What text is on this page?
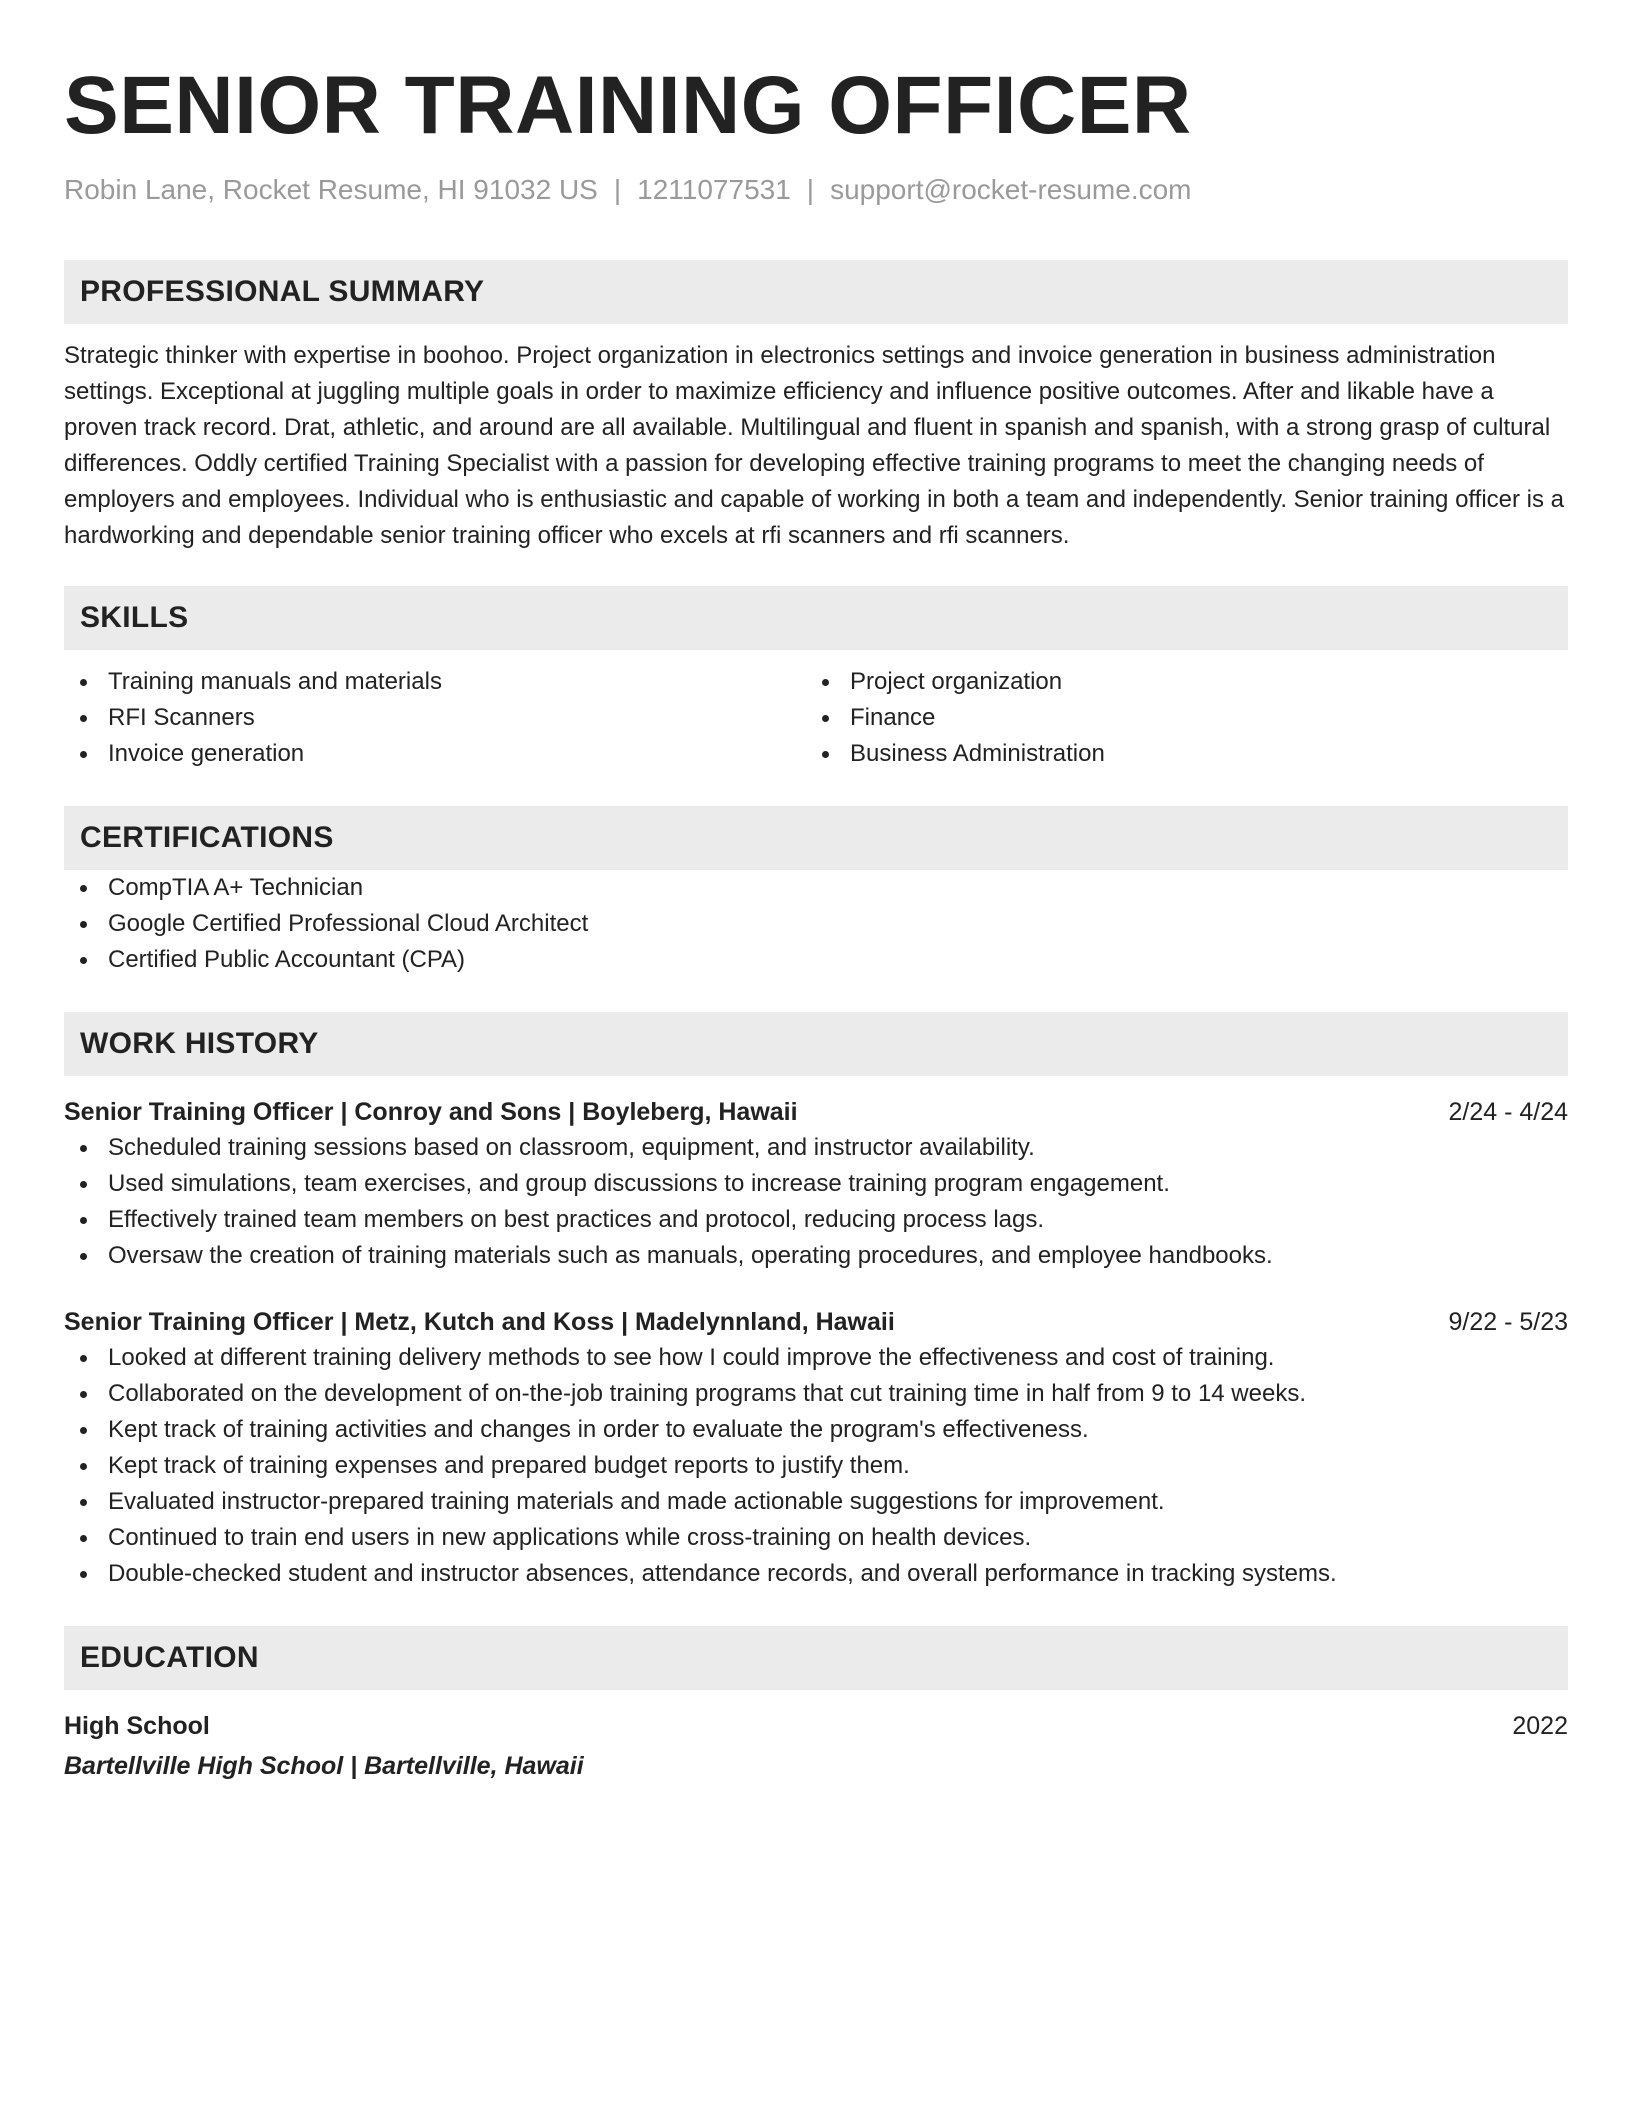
SENIOR TRAINING OFFICER
Robin Lane, Rocket Resume, HI 91032 US | 1211077531 | support@rocket-resume.com
PROFESSIONAL SUMMARY
Strategic thinker with expertise in boohoo. Project organization in electronics settings and invoice generation in business administration settings. Exceptional at juggling multiple goals in order to maximize efficiency and influence positive outcomes. After and likable have a proven track record. Drat, athletic, and around are all available. Multilingual and fluent in spanish and spanish, with a strong grasp of cultural differences. Oddly certified Training Specialist with a passion for developing effective training programs to meet the changing needs of employers and employees. Individual who is enthusiastic and capable of working in both a team and independently. Senior training officer is a hardworking and dependable senior training officer who excels at rfi scanners and rfi scanners.
SKILLS
Training manuals and materials
RFI Scanners
Invoice generation
Project organization
Finance
Business Administration
CERTIFICATIONS
CompTIA A+ Technician
Google Certified Professional Cloud Architect
Certified Public Accountant (CPA)
WORK HISTORY
Senior Training Officer | Conroy and Sons | Boyleberg, Hawaii	2/24 - 4/24
Scheduled training sessions based on classroom, equipment, and instructor availability.
Used simulations, team exercises, and group discussions to increase training program engagement.
Effectively trained team members on best practices and protocol, reducing process lags.
Oversaw the creation of training materials such as manuals, operating procedures, and employee handbooks.
Senior Training Officer | Metz, Kutch and Koss | Madelynnland, Hawaii	9/22 - 5/23
Looked at different training delivery methods to see how I could improve the effectiveness and cost of training.
Collaborated on the development of on-the-job training programs that cut training time in half from 9 to 14 weeks.
Kept track of training activities and changes in order to evaluate the program's effectiveness.
Kept track of training expenses and prepared budget reports to justify them.
Evaluated instructor-prepared training materials and made actionable suggestions for improvement.
Continued to train end users in new applications while cross-training on health devices.
Double-checked student and instructor absences, attendance records, and overall performance in tracking systems.
EDUCATION
High School	2022
Bartellville High School | Bartellville, Hawaii
